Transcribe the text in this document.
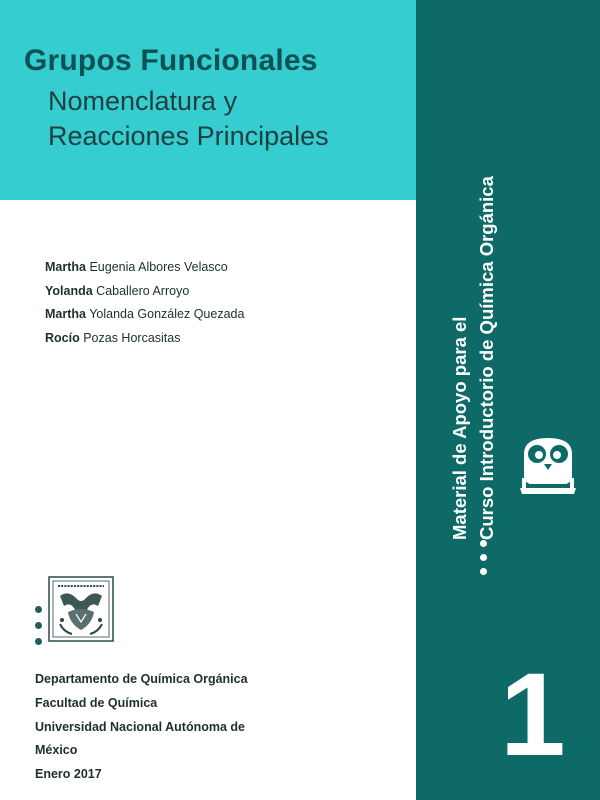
Grupos Funcionales
Nomenclatura y
Reacciones Principales
Martha Eugenia Albores Velasco
Yolanda Caballero Arroyo
Martha Yolanda González Quezada
Rocío Pozas Horcasitas
Departamento de Química Orgánica
Facultad de Química
Universidad Nacional Autónoma de
México
Enero 2017
Material de Apoyo para el Curso Introductorio de Química Orgánica
1
